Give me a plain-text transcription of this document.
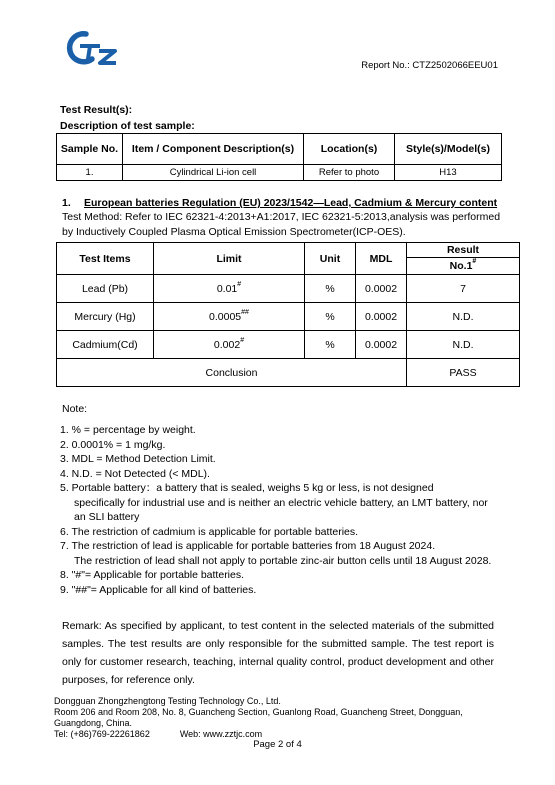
Report No.: CTZ2502066EEU01
Test Result(s):
Description of test sample:
Sample No.	Item / Component Description(s)	Location(s)	Style(s)/Model(s)
1.	Cylindrical Li-ion cell	Refer to photo	H13
1. European batteries Regulation (EU) 2023/1542—Lead, Cadmium & Mercury content
Test Method: Refer to IEC 62321-4:2013+A1:2017, IEC 62321-5:2013,analysis was performed by Inductively Coupled Plasma Optical Emission Spectrometer(ICP-OES).
Test Items	Limit	Unit	MDL	Result
				No.1#
Lead (Pb)	0.01#	%	0.0002	7
Mercury (Hg)	0.0005##	%	0.0002	N.D.
Cadmium(Cd)	0.002#	%	0.0002	N.D.
Conclusion				PASS
Note:
1. % = percentage by weight.
2. 0.0001% = 1 mg/kg.
3. MDL = Method Detection Limit.
4. N.D. = Not Detected (< MDL).
5. Portable battery：a battery that is sealed, weighs 5 kg or less, is not designed
specifically for industrial use and is neither an electric vehicle battery, an LMT battery, nor
an SLI battery
6. The restriction of cadmium is applicable for portable batteries.
7. The restriction of lead is applicable for portable batteries from 18 August 2024.
The restriction of lead shall not apply to portable zinc-air button cells until 18 August 2028.
8. "#"= Applicable for portable batteries.
9. "##"= Applicable for all kind of batteries.
Remark: As specified by applicant, to test content in the selected materials of the submitted samples. The test results are only responsible for the submitted sample. The test report is only for customer research, teaching, internal quality control, product development and other purposes, for reference only.
Dongguan Zhongzhengtong Testing Technology Co., Ltd.
Room 206 and Room 208, No. 8, Guancheng Section, Guanlong Road, Guancheng Street, Dongguan, Guangdong, China.
Tel: (+86)769-22261862	Web: www.zztjc.com
Page 2 of 4
